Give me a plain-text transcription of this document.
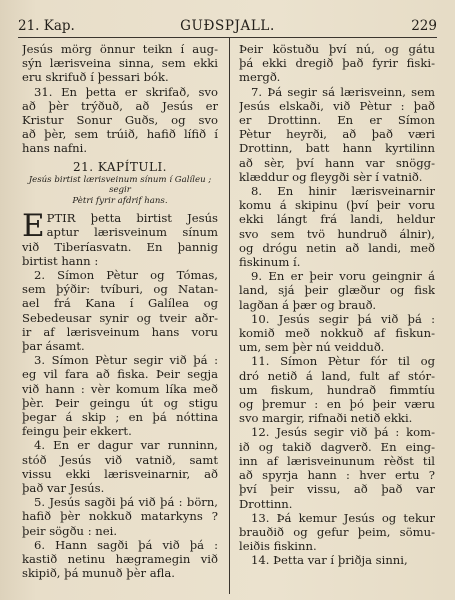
21. Kap.	GUÐSPJALL.	229
Jesús mörg önnur teikn í aug-
sýn lærisveina sinna, sem ekki
eru skrifuð í þessari bók.
31. En þetta er skrifað, svo
að þèr trýðuð, að Jesús er
Kristur Sonur Guðs, og svo
að þèr, sem trúið, hafið lífið í
hans nafni.
21. KAPÍTULI.
Jesús birtist lærisveinum sínum í Galíleu ; segir
Pètri fyrir afdrif hans.
E PTIR þetta birtist Jesús
aptur lærisveinum sínum
við Tiberíasvatn. En þannig
birtist hann :
2. Símon Pètur og Tómas,
sem þýðir: tvíburi, og Natan-
ael frá Kana í Galílea og
Sebedeusar synir og tveir aðr-
ir af lærisveinum hans voru
þar ásamt.
3. Símon Pètur segir við þá :
eg vil fara að fiska. Þeir segja
við hann : vèr komum líka með
þèr. Þeir geingu út og stigu
þegar á skip ; en þá nóttina
feingu þeir ekkert.
4. En er dagur var runninn,
stóð Jesús við vatnið, samt
vissu ekki lærisveinarnir, að
það var Jesús.
5. Jesús sagði þá við þá : börn,
hafið þèr nokkuð matarkyns ?
þeir sögðu : nei.
6. Hann sagði þá við þá :
kastið netinu hægramegin við
skipið, þá munuð þèr afla.
Þeir köstuðu því nú, og gátu
þá ekki dregið það fyrir fiski-
mergð.
7. Þá segir sá lærisveinn, sem
Jesús elskaði, við Pètur : það
er Drottinn. En er Símon
Pètur heyrði, að það væri
Drottinn, batt hann kyrtilinn
að sèr, því hann var snögg-
klæddur og fleygði sèr í vatnið.
8. En hinir lærisveinarnir
komu á skipinu (því þeir voru
ekki lángt frá landi, heldur
svo sem tvö hundruð álnir),
og drógu netin að landi, með
fiskinum í.
9. En er þeir voru geingnir á
land, sjá þeir glæður og fisk
lagðan á þær og brauð.
10. Jesús segir þá við þá :
komið með nokkuð af fiskun-
um, sem þèr nú veidduð.
11. Símon Pètur fór til og
dró netið á land, fult af stór-
um fiskum, hundrað fimmtíu
og þremur : en þó þeir væru
svo margir, rifnaði netið ekki.
12. Jesús segir við þá : kom-
ið og takið dagverð. En eing-
inn af lærisveinunum rèðst til
að spyrja hann : hver ertu ?
því þeir vissu, að það var
Drottinn.
13. Þá kemur Jesús og tekur
brauðið og gefur þeim, sömu-
leiðis fiskinn.
14. Þetta var í þriðja sinni,
